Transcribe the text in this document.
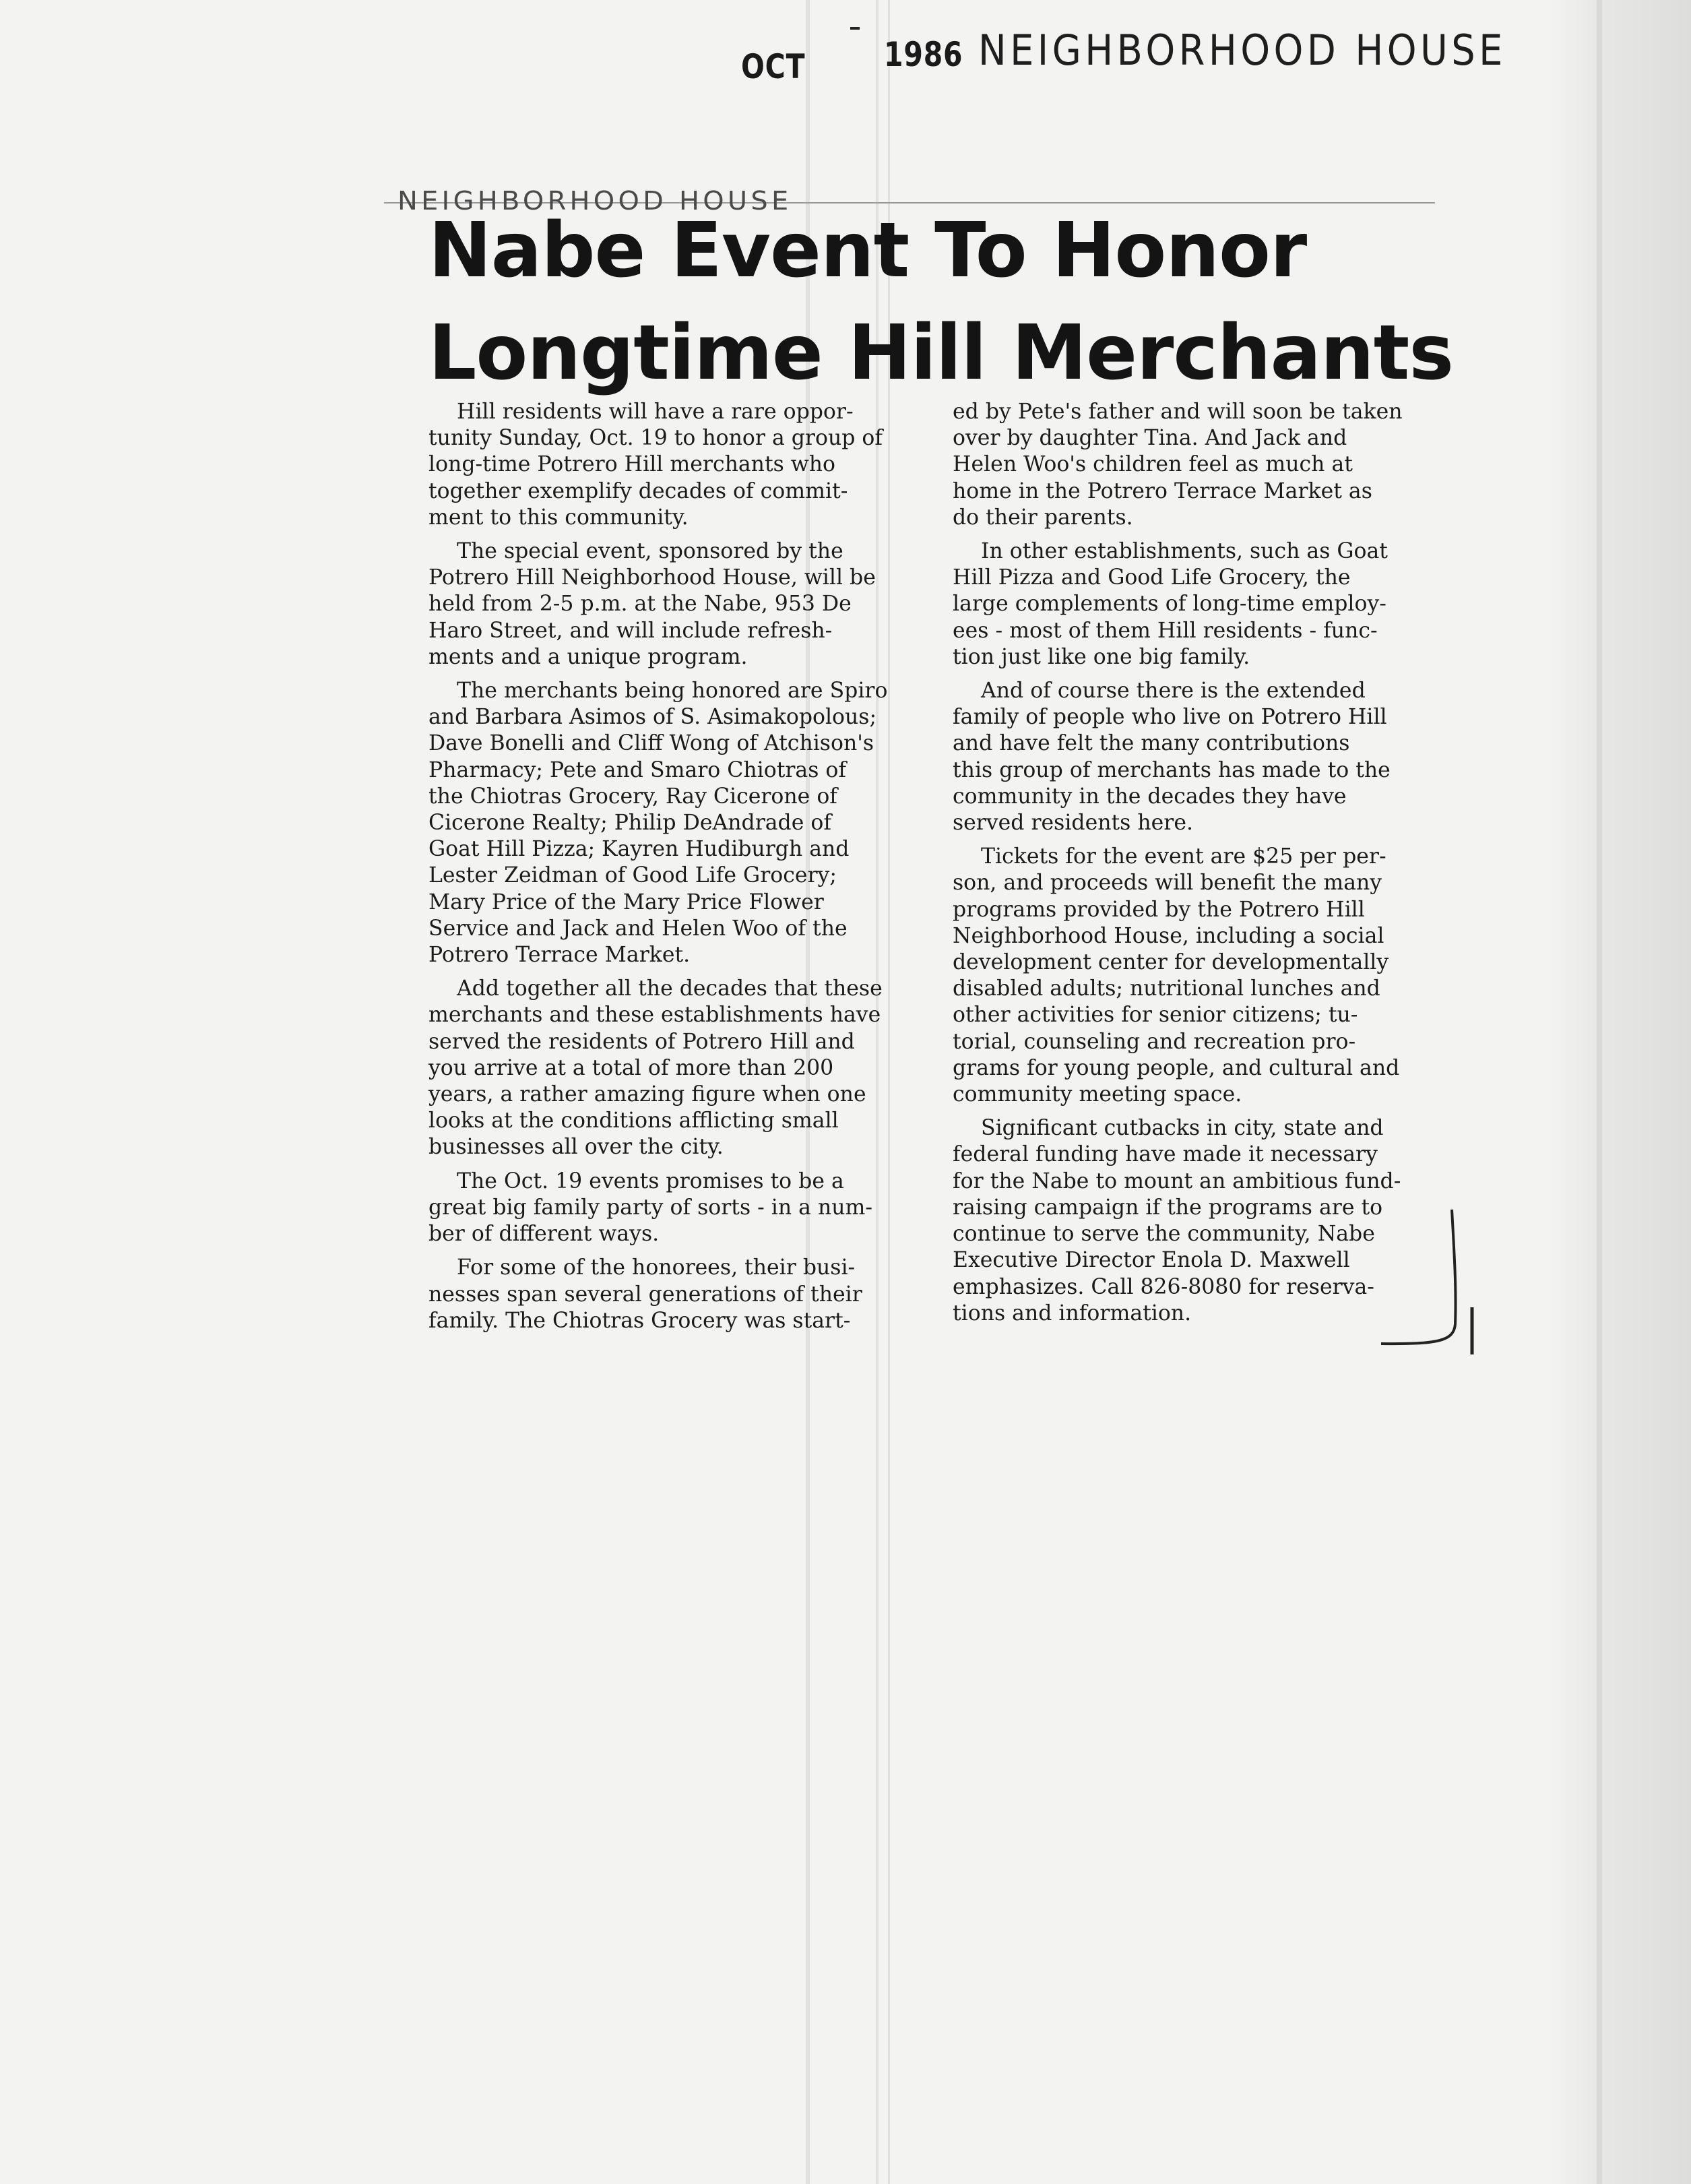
OCT 1986 NEIGHBORHOOD HOUSE
NEIGHBORHOOD HOUSE
Nabe Event To Honor
Longtime Hill Merchants

Hill residents will have a rare oppor-
tunity Sunday, Oct. 19 to honor a group of
long-time Potrero Hill merchants who
together exemplify decades of commit-
ment to this community.

The special event, sponsored by the
Potrero Hill Neighborhood House, will be
held from 2-5 p.m. at the Nabe, 953 De
Haro Street, and will include refresh-
ments and a unique program.

The merchants being honored are Spiro
and Barbara Asimos of S. Asimakopolous;
Dave Bonelli and Cliff Wong of Atchison's
Pharmacy; Pete and Smaro Chiotras of
the Chiotras Grocery, Ray Cicerone of
Cicerone Realty; Philip DeAndrade of
Goat Hill Pizza; Kayren Hudiburgh and
Lester Zeidman of Good Life Grocery;
Mary Price of the Mary Price Flower
Service and Jack and Helen Woo of the
Potrero Terrace Market.

Add together all the decades that these
merchants and these establishments have
served the residents of Potrero Hill and
you arrive at a total of more than 200
years, a rather amazing figure when one
looks at the conditions afflicting small
businesses all over the city.

The Oct. 19 events promises to be a
great big family party of sorts - in a num-
ber of different ways.

For some of the honorees, their busi-
nesses span several generations of their
family. The Chiotras Grocery was start-

ed by Pete's father and will soon be taken
over by daughter Tina. And Jack and
Helen Woo's children feel as much at
home in the Potrero Terrace Market as
do their parents.

In other establishments, such as Goat
Hill Pizza and Good Life Grocery, the
large complements of long-time employ-
ees - most of them Hill residents - func-
tion just like one big family.

And of course there is the extended
family of people who live on Potrero Hill
and have felt the many contributions
this group of merchants has made to the
community in the decades they have
served residents here.

Tickets for the event are $25 per per-
son, and proceeds will benefit the many
programs provided by the Potrero Hill
Neighborhood House, including a social
development center for developmentally
disabled adults; nutritional lunches and
other activities for senior citizens; tu-
torial, counseling and recreation pro-
grams for young people, and cultural and
community meeting space.

Significant cutbacks in city, state and
federal funding have made it necessary
for the Nabe to mount an ambitious fund-
raising campaign if the programs are to
continue to serve the community, Nabe
Executive Director Enola D. Maxwell
emphasizes. Call 826-8080 for reserva-
tions and information.
